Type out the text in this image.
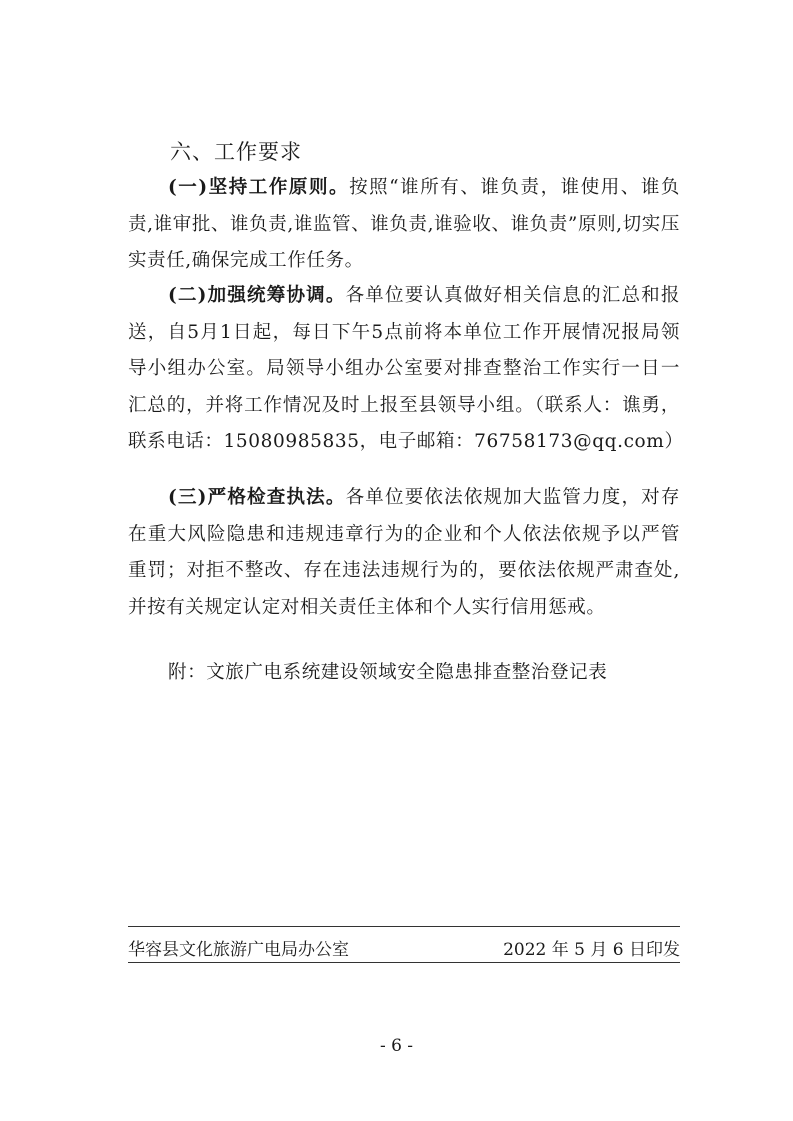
六、工作要求

(一)坚持工作原则。按照“谁所有、谁负责，谁使用、谁负责,谁审批、谁负责,谁监管、谁负责,谁验收、谁负责”原则,切实压实责任,确保完成工作任务。

(二)加强统筹协调。各单位要认真做好相关信息的汇总和报送，自5月1日起，每日下午5点前将本单位工作开展情况报局领导小组办公室。局领导小组办公室要对排查整治工作实行一日一汇总的，并将工作情况及时上报至县领导小组。（联系人：谯勇，联系电话：15080985835，电子邮箱：76758173@qq.com）

(三)严格检查执法。各单位要依法依规加大监管力度，对存在重大风险隐患和违规违章行为的企业和个人依法依规予以严管重罚；对拒不整改、存在违法违规行为的，要依法依规严肃查处,并按有关规定认定对相关责任主体和个人实行信用惩戒。

附：文旅广电系统建设领域安全隐患排查整治登记表

华容县文化旅游广电局办公室	2022 年 5 月 6 日印发
- 6 -
